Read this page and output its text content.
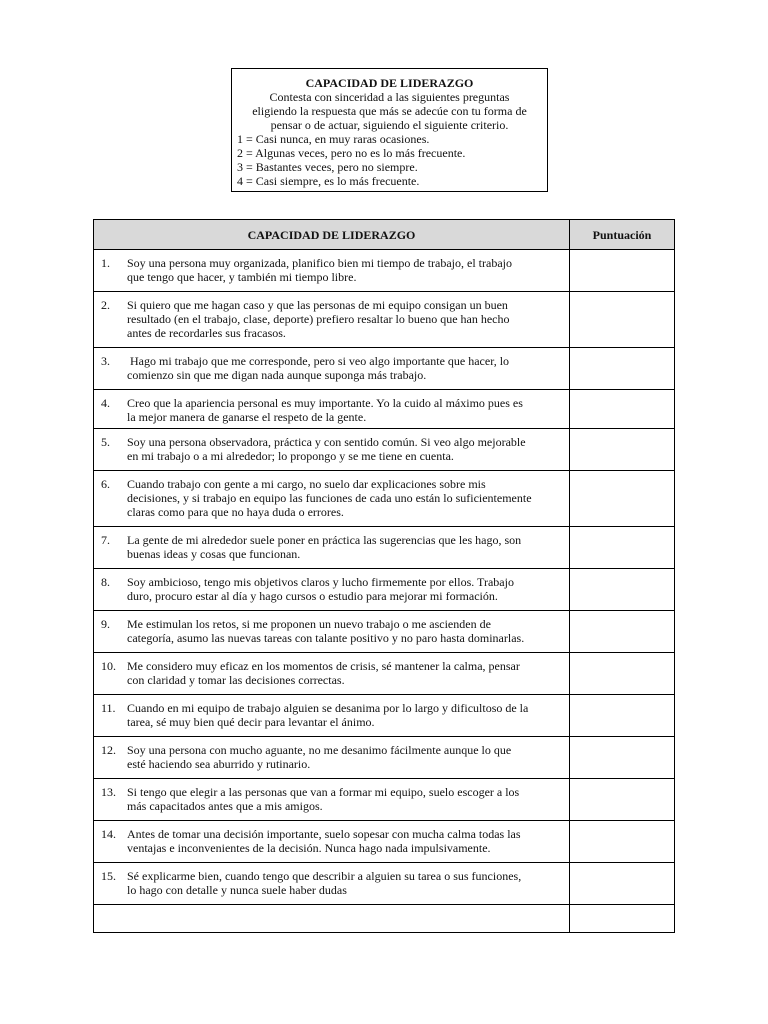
CAPACIDAD DE LIDERAZGO
Contesta con sinceridad a las siguientes preguntas
eligiendo la respuesta que más se adecúe con tu forma de
pensar o de actuar, siguiendo el siguiente criterio.
1 = Casi nunca, en muy raras ocasiones.
2 = Algunas veces, pero no es lo más frecuente.
3 = Bastantes veces, pero no siempre.
4 = Casi siempre, es lo más frecuente.
CAPACIDAD DE LIDERAZGO	Puntuación

1. Soy una persona muy organizada, planifico bien mi tiempo de trabajo, el trabajo
que tengo que hacer, y también mi tiempo libre.	

2. Si quiero que me hagan caso y que las personas de mi equipo consigan un buen
resultado (en el trabajo, clase, deporte) prefiero resaltar lo bueno que han hecho
antes de recordarles sus fracasos.	

3. Hago mi trabajo que me corresponde, pero si veo algo importante que hacer, lo
comienzo sin que me digan nada aunque suponga más trabajo.	

4. Creo que la apariencia personal es muy importante. Yo la cuido al máximo pues es
la mejor manera de ganarse el respeto de la gente.	

5. Soy una persona observadora, práctica y con sentido común. Si veo algo mejorable
en mi trabajo o a mi alrededor; lo propongo y se me tiene en cuenta.	

6. Cuando trabajo con gente a mi cargo, no suelo dar explicaciones sobre mis
decisiones, y si trabajo en equipo las funciones de cada uno están lo suficientemente
claras como para que no haya duda o errores.	

7. La gente de mi alrededor suele poner en práctica las sugerencias que les hago, son
buenas ideas y cosas que funcionan.	

8. Soy ambicioso, tengo mis objetivos claros y lucho firmemente por ellos. Trabajo
duro, procuro estar al día y hago cursos o estudio para mejorar mi formación.	

9. Me estimulan los retos, si me proponen un nuevo trabajo o me ascienden de
categoría, asumo las nuevas tareas con talante positivo y no paro hasta dominarlas.	

10. Me considero muy eficaz en los momentos de crisis, sé mantener la calma, pensar
con claridad y tomar las decisiones correctas.	

11. Cuando en mi equipo de trabajo alguien se desanima por lo largo y dificultoso de la
tarea, sé muy bien qué decir para levantar el ánimo.	

12. Soy una persona con mucho aguante, no me desanimo fácilmente aunque lo que
esté haciendo sea aburrido y rutinario.	

13. Si tengo que elegir a las personas que van a formar mi equipo, suelo escoger a los
más capacitados antes que a mis amigos.	

14. Antes de tomar una decisión importante, suelo sopesar con mucha calma todas las
ventajas e inconvenientes de la decisión. Nunca hago nada impulsivamente.	

15. Sé explicarme bien, cuando tengo que describir a alguien su tarea o sus funciones,
lo hago con detalle y nunca suele haber dudas	
